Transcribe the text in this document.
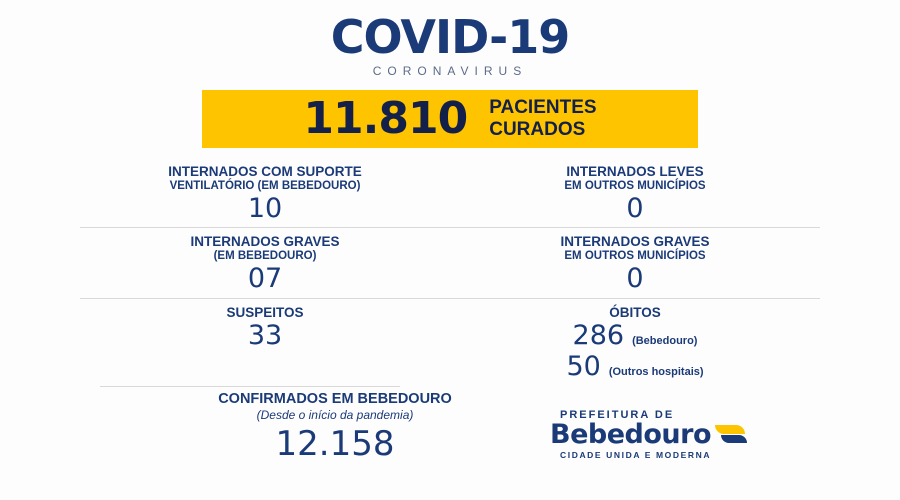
COVID-19
CORONAVIRUS
11.810 PACIENTES
CURADOS
INTERNADOS COM SUPORTE
VENTILATÓRIO (EM BEBEDOURO)
10
INTERNADOS LEVES
EM OUTROS MUNICÍPIOS
0
INTERNADOS GRAVES
(EM BEBEDOURO)
07
INTERNADOS GRAVES
EM OUTROS MUNICÍPIOS
0
SUSPEITOS
33
ÓBITOS
286 (Bebedouro)
50 (Outros hospitais)
CONFIRMADOS EM BEBEDOURO
(Desde o início da pandemia)
12.158
PREFEITURA DE
Bebedouro
CIDADE UNIDA E MODERNA
